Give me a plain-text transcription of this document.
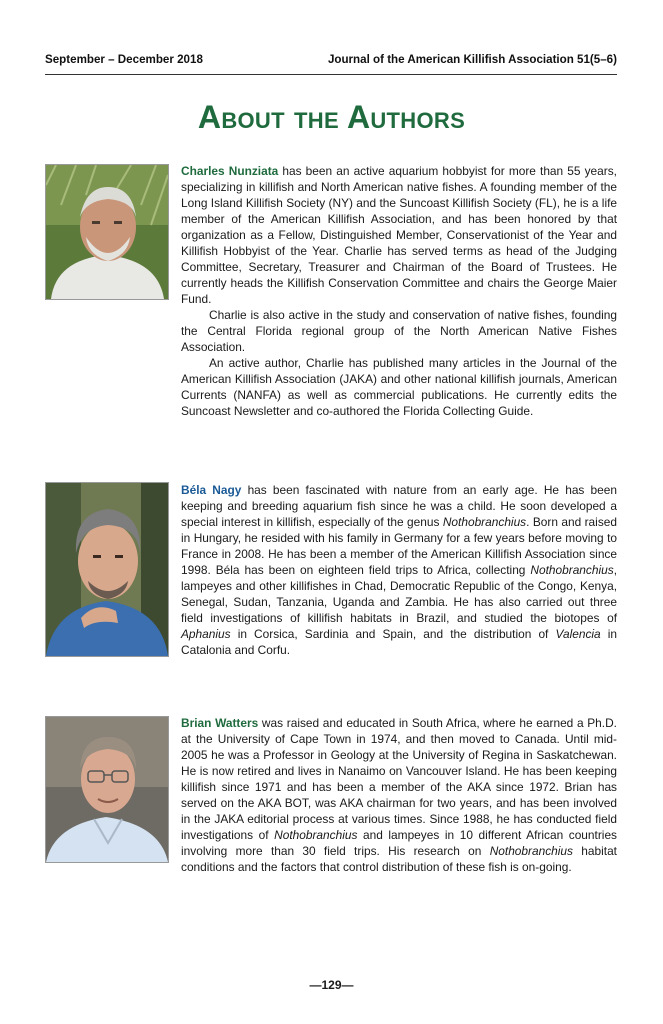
September – December 2018	Journal of the American Killifish Association 51(5–6)
About the Authors

Charles Nunziata has been an active aquarium hobbyist for more than 55 years, specializing in killifish and North American native fishes. A founding member of the Long Island Killifish Society (NY) and the Suncoast Killifish Society (FL), he is a life member of the American Killifish Association, and has been honored by that organization as a Fellow, Distinguished Member, Conservationist of the Year and Killifish Hobbyist of the Year. Charlie has served terms as head of the Judging Committee, Secretary, Treasurer and Chairman of the Board of Trustees. He currently heads the Killifish Conservation Committee and chairs the George Maier Fund.

Charlie is also active in the study and conservation of native fishes, founding the Central Florida regional group of the North American Native Fishes Association.

An active author, Charlie has published many articles in the Journal of the American Killifish Association (JAKA) and other national killifish journals, American Currents (NANFA) as well as commercial publications. He currently edits the Suncoast Newsletter and co-authored the Florida Collecting Guide.

Béla Nagy has been fascinated with nature from an early age. He has been keeping and breeding aquarium fish since he was a child. He soon developed a special interest in killifish, especially of the genus Nothobranchius. Born and raised in Hungary, he resided with his family in Germany for a few years before moving to France in 2008. He has been a member of the American Killifish Association since 1998. Béla has been on eighteen field trips to Africa, collecting Nothobranchius, lampeyes and other killifishes in Chad, Democratic Republic of the Congo, Kenya, Senegal, Sudan, Tanzania, Uganda and Zambia. He has also carried out three field investigations of killifish habitats in Brazil, and studied the biotopes of Aphanius in Corsica, Sardinia and Spain, and the distribution of Valencia in Catalonia and Corfu.

Brian Watters was raised and educated in South Africa, where he earned a Ph.D. at the University of Cape Town in 1974, and then moved to Canada. Until mid-2005 he was a Professor in Geology at the University of Regina in Saskatchewan. He is now retired and lives in Nanaimo on Vancouver Island. He has been keeping killifish since 1971 and has been a member of the AKA since 1972. Brian has served on the AKA BOT, was AKA chairman for two years, and has been involved in the JAKA editorial process at various times. Since 1988, he has conducted field investigations of Nothobranchius and lampeyes in 10 different African countries involving more than 30 field trips. His research on Nothobranchius habitat conditions and the factors that control distribution of these fish is on-going.

—129—
